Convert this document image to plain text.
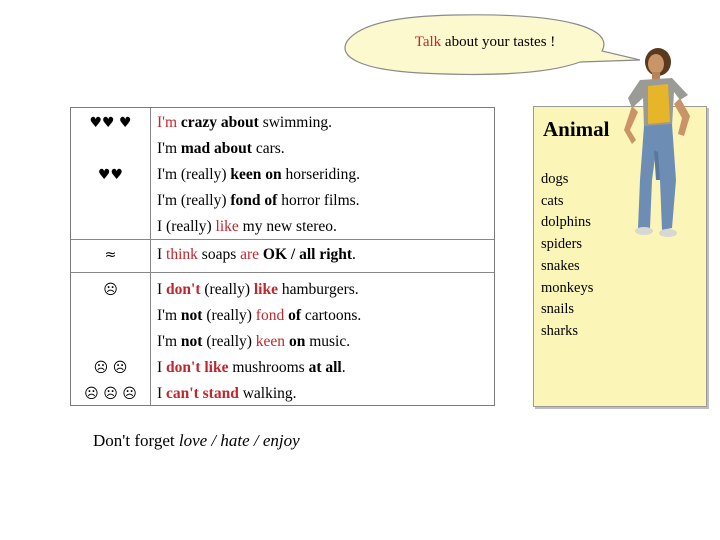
Talk about your tastes !
♥♥ ♥	I'm crazy about swimming.
I'm mad about cars.
♥♥	I'm (really) keen on horseriding.
I'm (really) fond of horror films.
I (really) like my new stereo.
≈	I think soaps are OK / all right.
☹	I don't (really) like hamburgers.
I'm not (really) fond of cartoons.
I'm not (really) keen on music.
☹ ☹	I don't like mushrooms at all.
☹ ☹ ☹	I can't stand walking.
Don't forget love / hate / enjoy
Animal
dogs
cats
dolphins
spiders
snakes
monkeys
snails
sharks
